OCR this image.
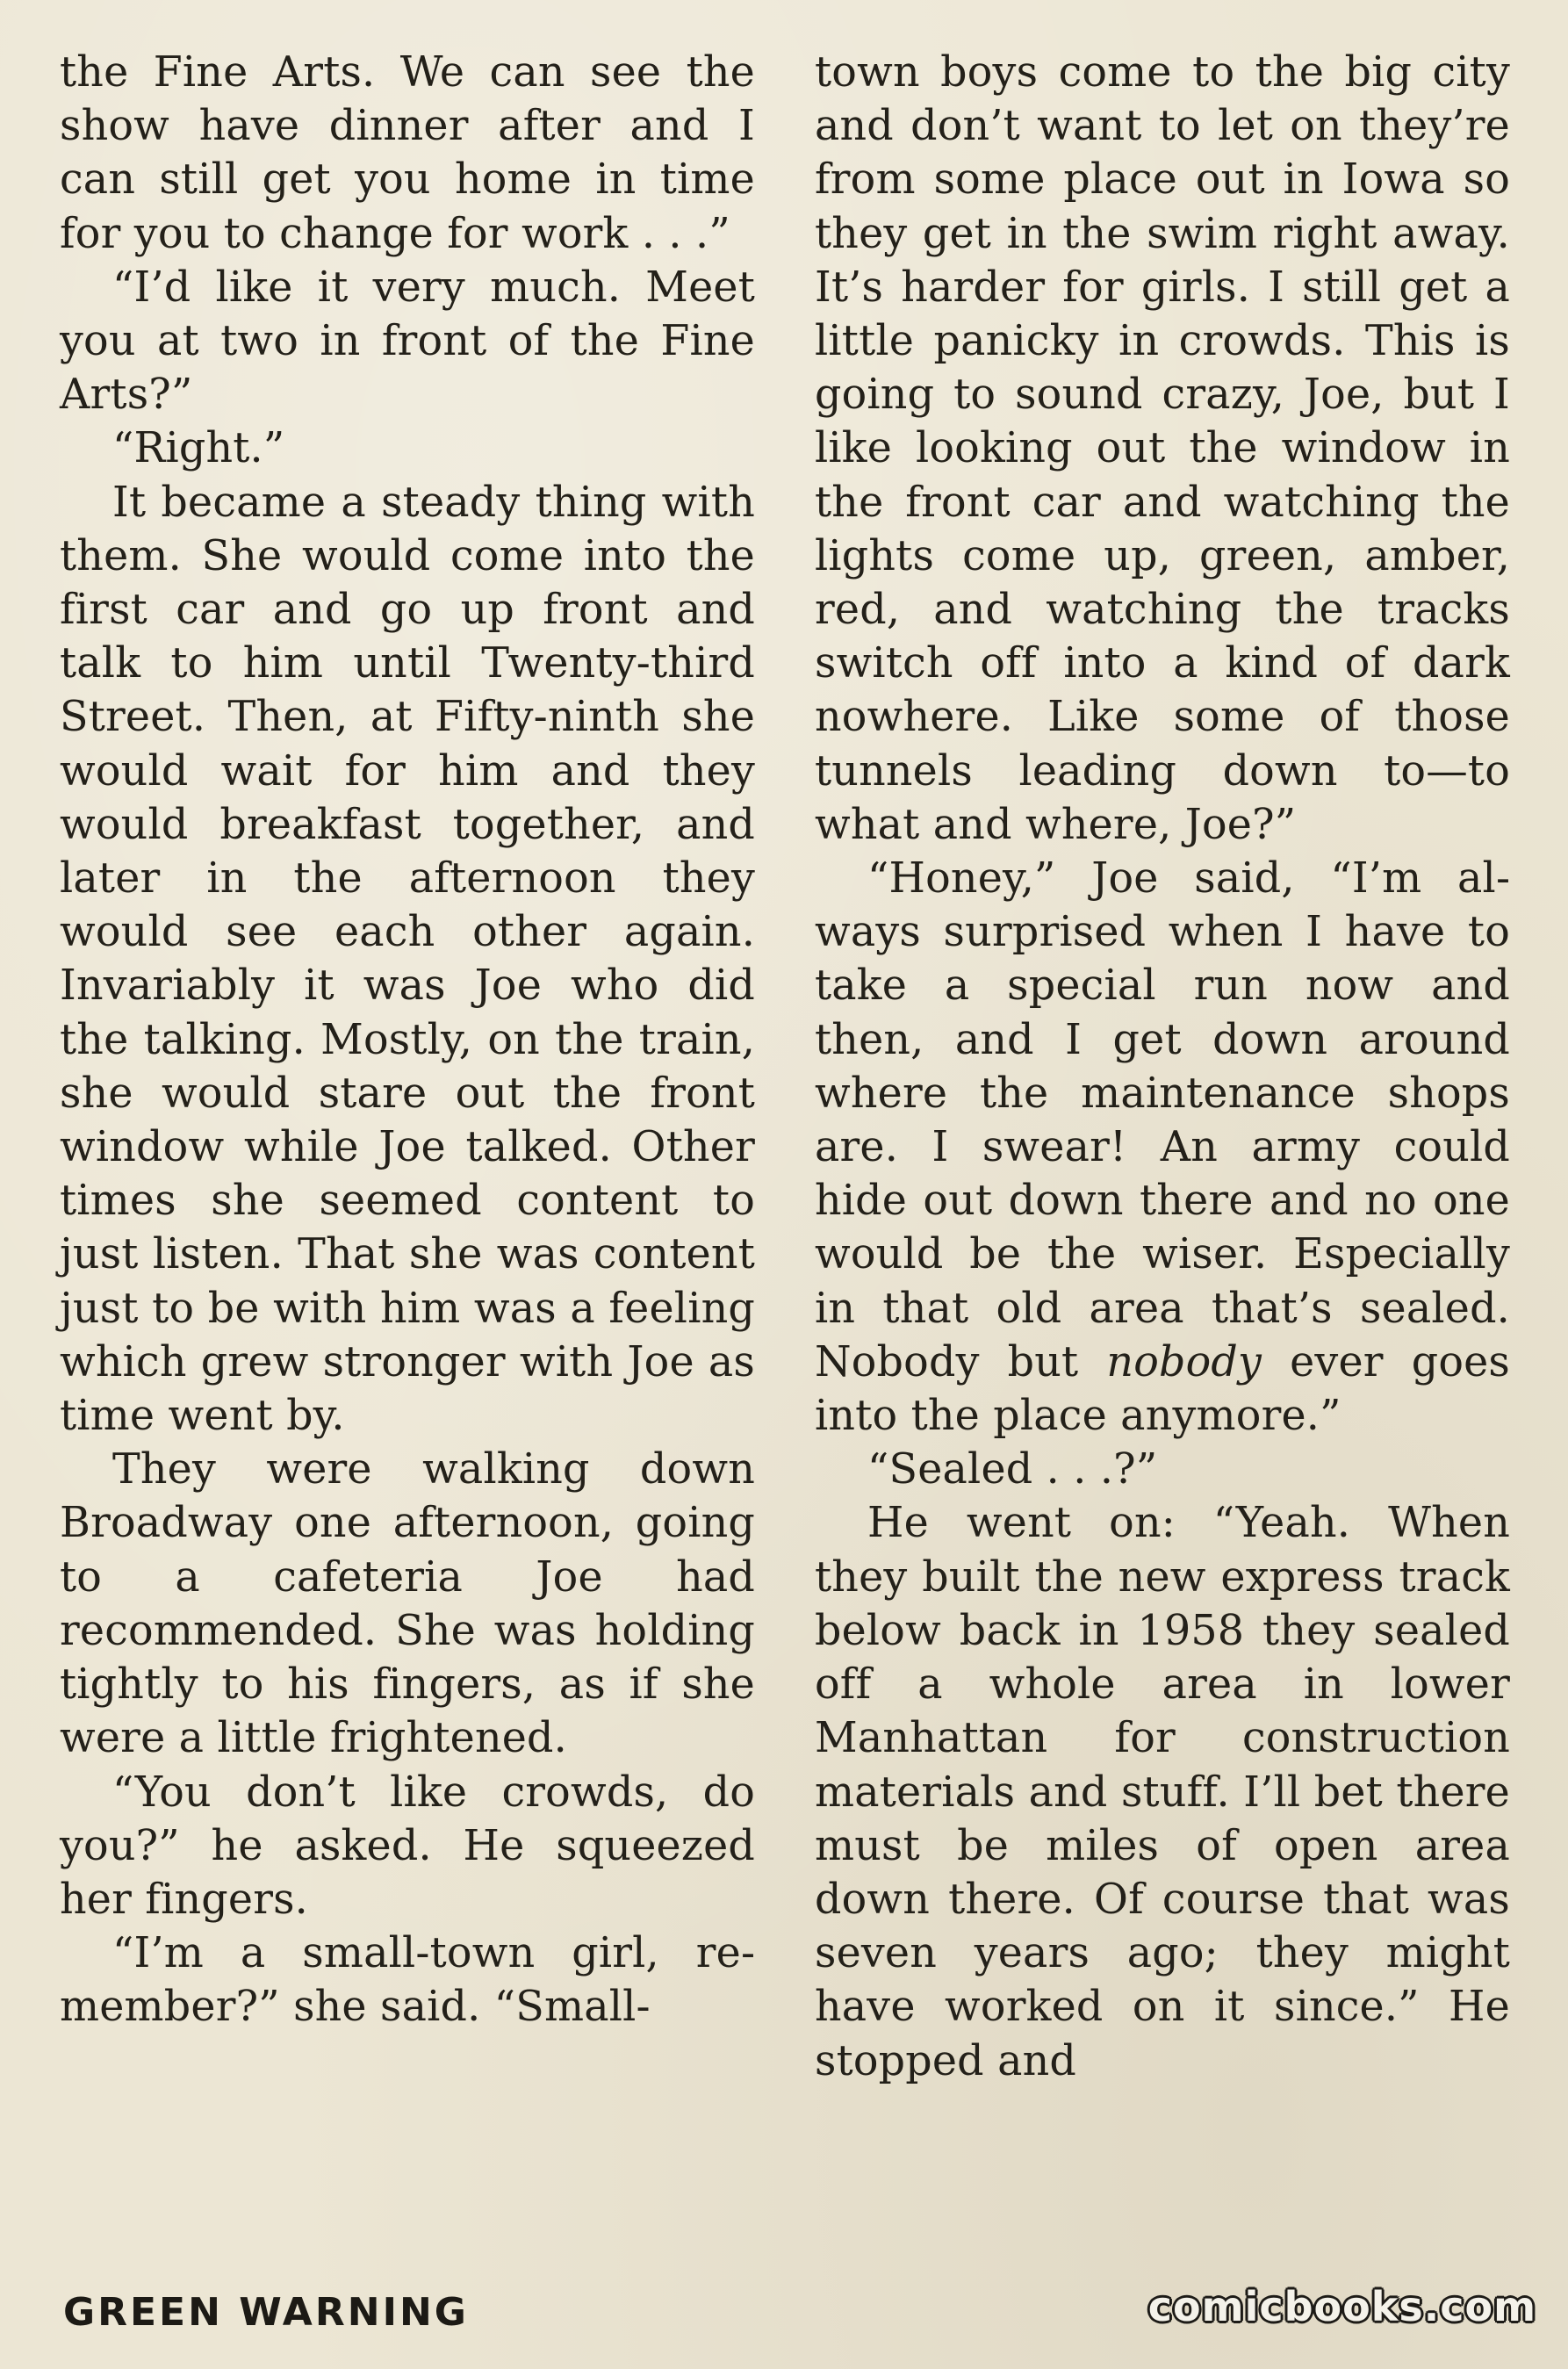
the Fine Arts. We can see the show have dinner after and I can still get you home in time for you to change for work . . .”

“I’d like it very much. Meet you at two in front of the Fine Arts?”

“Right.”

It became a steady thing with them. She would come into the first car and go up front and talk to him until Twenty-third Street. Then, at Fifty-ninth she would wait for him and they would breakfast together, and later in the afternoon they would see each other again. Invariably it was Joe who did the talking. Mostly, on the train, she would stare out the front window while Joe talked. Other times she seemed content to just listen. That she was content just to be with him was a feeling which grew stronger with Joe as time went by.

They were walking down Broadway one afternoon, going to a cafeteria Joe had recommended. She was holding tightly to his fingers, as if she were a little frightened.

“You don’t like crowds, do you?” he asked. He squeezed her fingers.

“I’m a small-town girl, remember?” she said. “Small-

town boys come to the big city and don’t want to let on they’re from some place out in Iowa so they get in the swim right away. It’s harder for girls. I still get a little panicky in crowds. This is going to sound crazy, Joe, but I like looking out the window in the front car and watching the lights come up, green, amber, red, and watching the tracks switch off into a kind of dark nowhere. Like some of those tunnels leading down to—to what and where, Joe?”

“Honey,” Joe said, “I’m always surprised when I have to take a special run now and then, and I get down around where the maintenance shops are. I swear! An army could hide out down there and no one would be the wiser. Especially in that old area that’s sealed. Nobody but nobody ever goes into the place anymore.”

“Sealed . . .?”

He went on: “Yeah. When they built the new express track below back in 1958 they sealed off a whole area in lower Manhattan for construction materials and stuff. I’ll bet there must be miles of open area down there. Of course that was seven years ago; they might have worked on it since.” He stopped and

GREEN WARNING	comicbooks.com
